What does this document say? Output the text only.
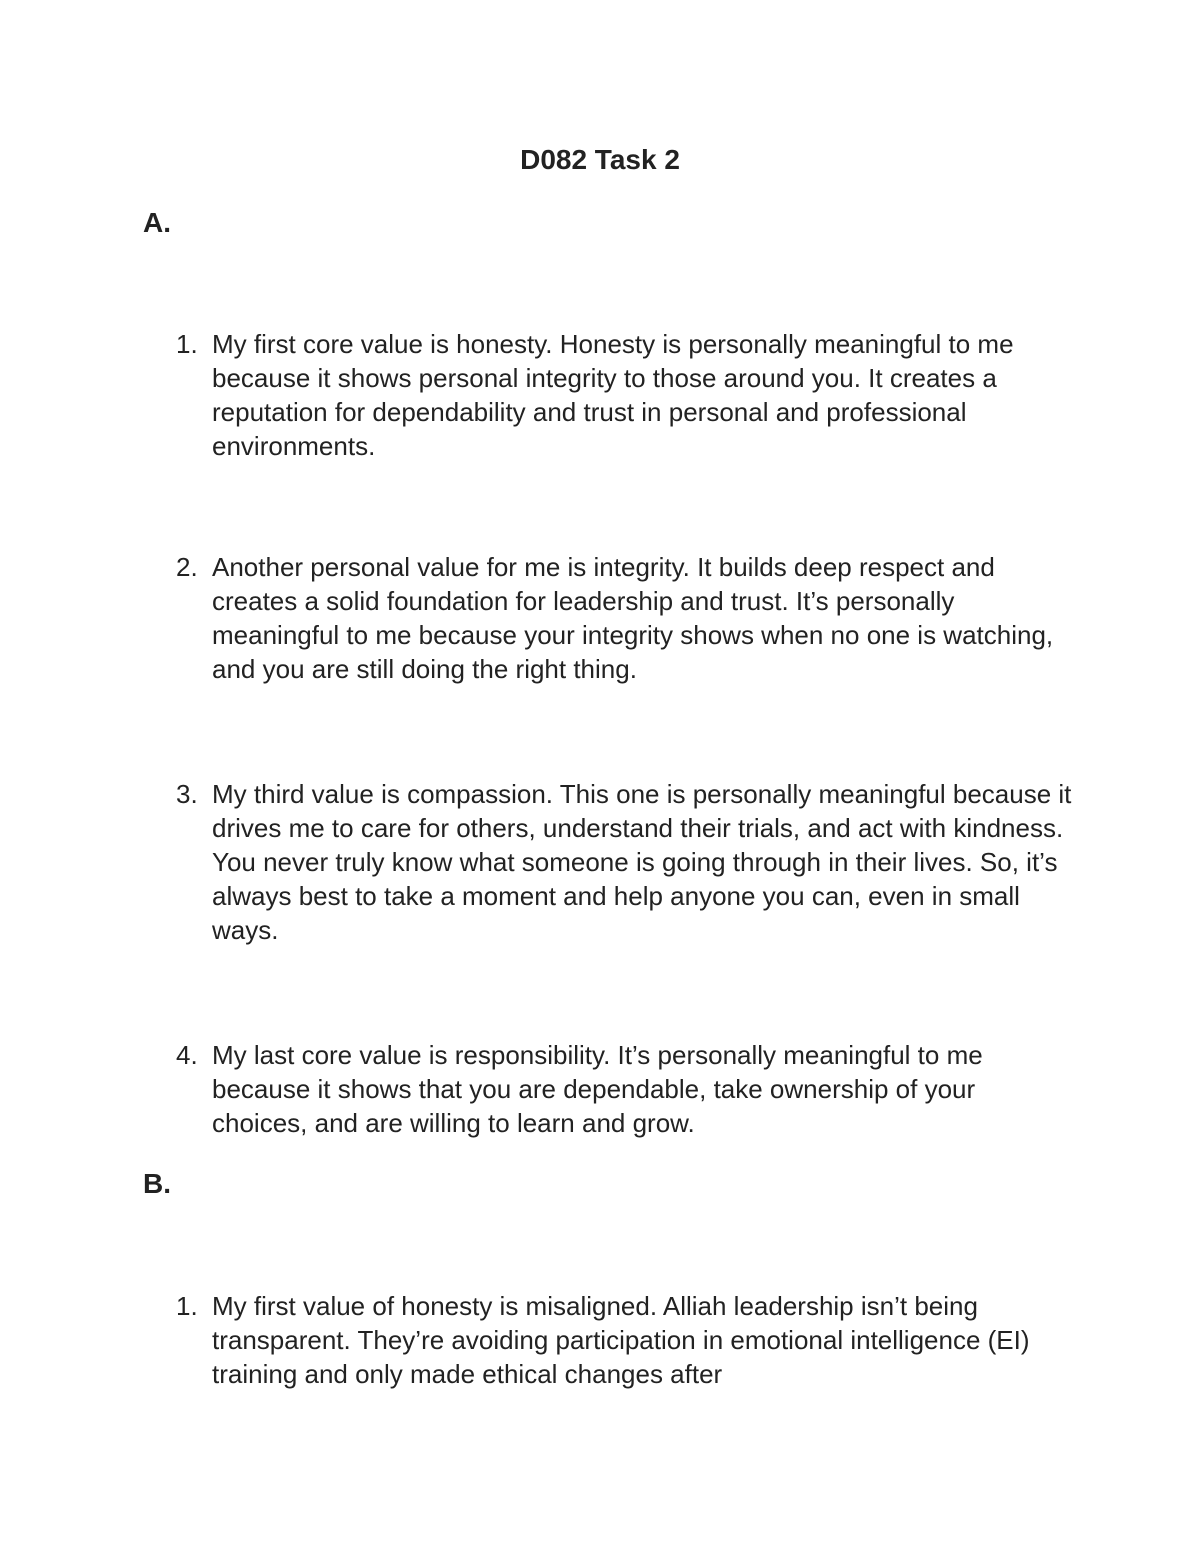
D082 Task 2
A.
1. My first core value is honesty. Honesty is personally meaningful to me because it shows personal integrity to those around you. It creates a reputation for dependability and trust in personal and professional environments.
2. Another personal value for me is integrity. It builds deep respect and creates a solid foundation for leadership and trust. It’s personally meaningful to me because your integrity shows when no one is watching, and you are still doing the right thing.
3. My third value is compassion. This one is personally meaningful because it drives me to care for others, understand their trials, and act with kindness. You never truly know what someone is going through in their lives. So, it’s always best to take a moment and help anyone you can, even in small ways.
4. My last core value is responsibility. It’s personally meaningful to me because it shows that you are dependable, take ownership of your choices, and are willing to learn and grow.
B.
1. My first value of honesty is misaligned. Alliah leadership isn’t being transparent. They’re avoiding participation in emotional intelligence (EI) training and only made ethical changes after
